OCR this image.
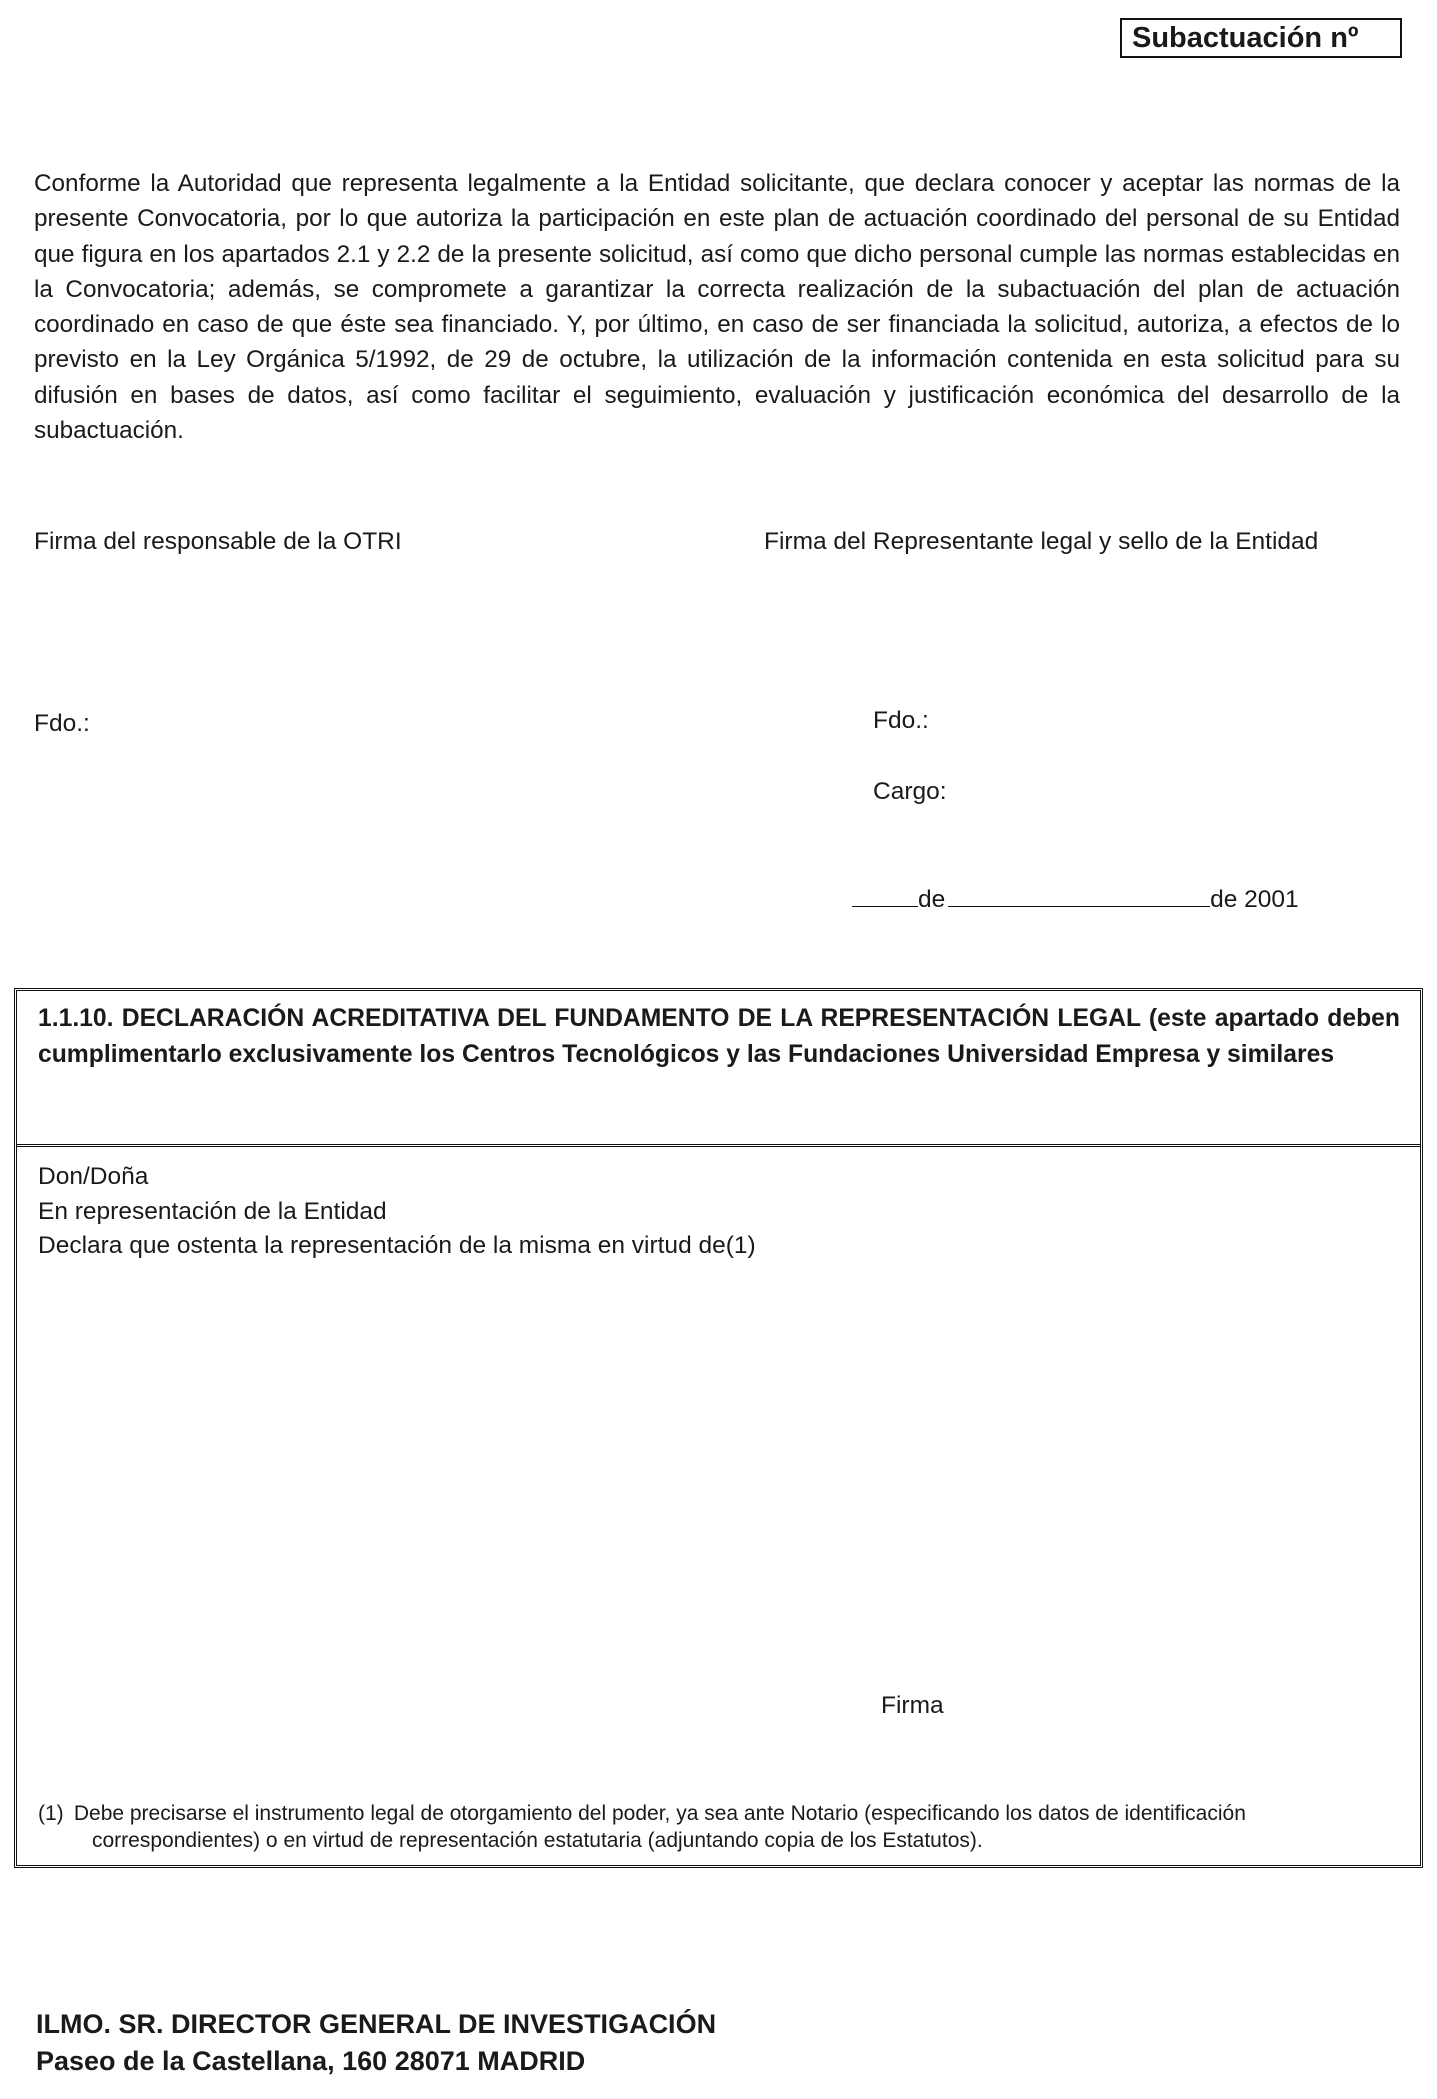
Subactuación nº
Conforme la Autoridad que representa legalmente a la Entidad solicitante, que declara conocer y aceptar las normas de la presente Convocatoria, por lo que autoriza la participación en este plan de actuación coordinado del personal de su Entidad que figura en los apartados 2.1 y 2.2 de la presente solicitud, así como que dicho personal cumple las normas establecidas en la Convocatoria; además, se compromete a garantizar la correcta realización de la subactuación del plan de actuación coordinado en caso de que éste sea financiado. Y, por último, en caso de ser financiada la solicitud, autoriza, a efectos de lo previsto en la Ley Orgánica 5/1992, de 29 de octubre, la utilización de la información contenida en esta solicitud para su difusión en bases de datos, así como facilitar el seguimiento, evaluación y justificación económica del desarrollo de la subactuación.
Firma del responsable de la OTRI	Firma del Representante legal y sello de la Entidad
Fdo.:	Fdo.:
Cargo:
de	de 2001
1.1.10. DECLARACIÓN ACREDITATIVA DEL FUNDAMENTO DE LA REPRESENTACIÓN LEGAL (este apartado deben cumplimentarlo exclusivamente los Centros Tecnológicos y las Fundaciones Universidad Empresa y similares
Don/Doña
En representación de la Entidad
Declara que ostenta la representación de la misma en virtud de(1)
Firma
(1) Debe precisarse el instrumento legal de otorgamiento del poder, ya sea ante Notario (especificando los datos de identificación
correspondientes) o en virtud de representación estatutaria (adjuntando copia de los Estatutos).
ILMO. SR. DIRECTOR GENERAL DE INVESTIGACIÓN
Paseo de la Castellana, 160 28071 MADRID
